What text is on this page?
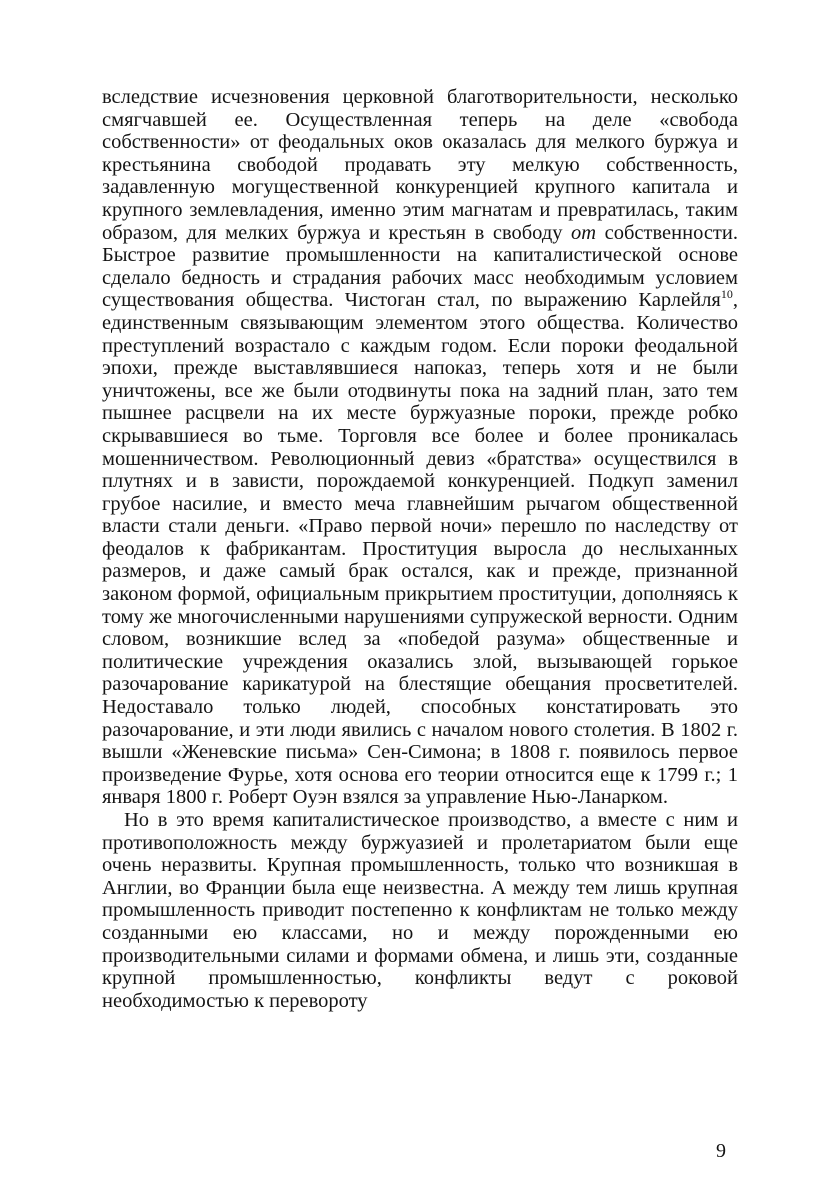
вследствие исчезновения церковной благотворительности, несколько смягчавшей ее. Осуществленная теперь на деле «свобода собственности» от феодальных оков оказалась для мелкого буржуа и крестьянина свободой продавать эту мелкую собственность, задавленную могущественной конкуренцией крупного капитала и крупного землевладения, именно этим магнатам и превратилась, таким образом, для мелких буржуа и крестьян в свободу от собственности. Быстрое развитие промышленности на капиталистической основе сделало бедность и страдания рабочих масс необходимым условием существования общества. Чистоган стал, по выражению Карлейля$^{10}$, единственным связывающим элементом этого общества. Количество преступлений возрастало с каждым годом. Если пороки феодальной эпохи, прежде выставлявшиеся напоказ, теперь хотя и не были уничтожены, все же были отодвинуты пока на задний план, зато тем пышнее расцвели на их месте буржуазные пороки, прежде робко скрывавшиеся во тьме. Торговля все более и более проникалась мошенничеством. Революционный девиз «братства» осуществился в плутнях и в зависти, порождаемой конкуренцией. Подкуп заменил грубое насилие, и вместо меча главнейшим рычагом общественной власти стали деньги. «Право первой ночи» перешло по наследству от феодалов к фабрикантам. Проституция выросла до неслыханных размеров, и даже самый брак остался, как и прежде, признанной законом формой, официальным прикрытием проституции, дополняясь к тому же многочисленными нарушениями супружеской верности. Одним словом, возникшие вслед за «победой разума» общественные и политические учреждения оказались злой, вызывающей горькое разочарование карикатурой на блестящие обещания просветителей. Недоставало только людей, способных констатировать это разочарование, и эти люди явились с началом нового столетия. В 1802 г. вышли «Женевские письма» Сен-Симона; в 1808 г. появилось первое произведение Фурье, хотя основа его теории относится еще к 1799 г.; 1 января 1800 г. Роберт Оуэн взялся за управление Нью-Ланарком.

Но в это время капиталистическое производство, а вместе с ним и противоположность между буржуазией и пролетариатом были еще очень неразвиты. Крупная промышленность, только что возникшая в Англии, во Франции была еще неизвестна. А между тем лишь крупная промышленность приводит постепенно к конфликтам не только между созданными ею классами, но и между порожденными ею производительными силами и формами обмена, и лишь эти, созданные крупной промышленностью, конфликты ведут с роковой необходимостью к перевороту

9
